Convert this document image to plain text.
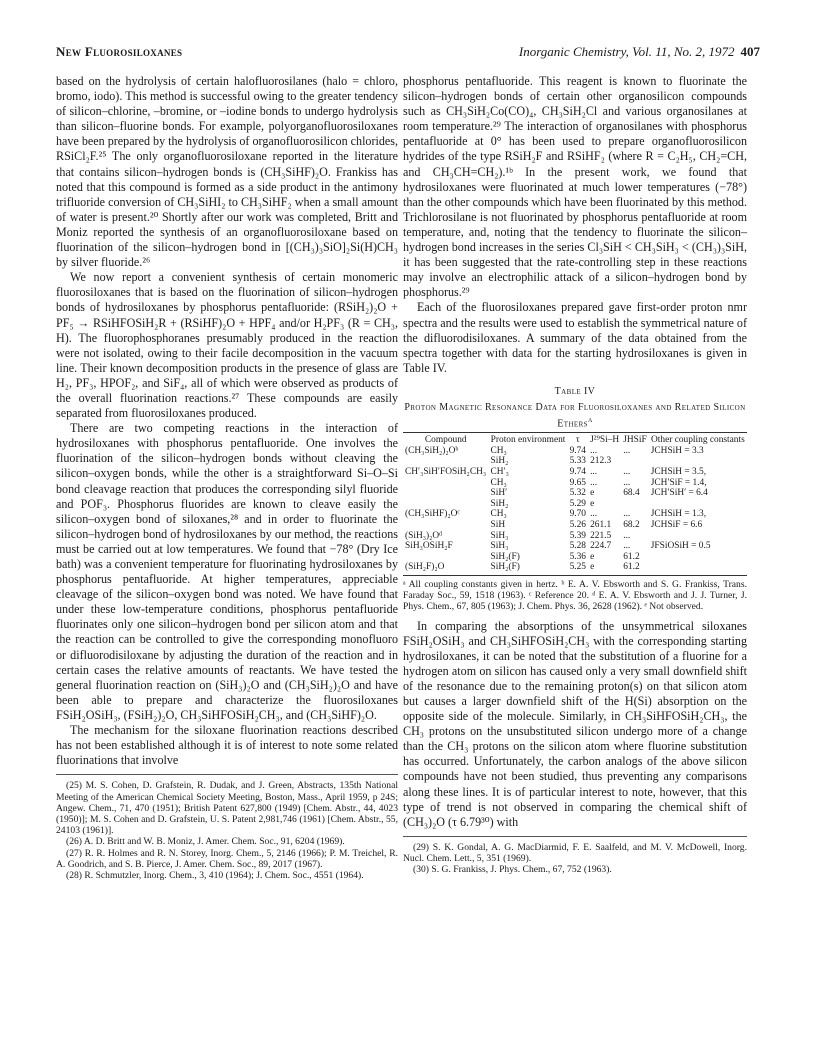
New Fluorosiloxanes	Inorganic Chemistry, Vol. 11, No. 2, 1972 407

based on the hydrolysis of certain halofluorosilanes (halo = chloro, bromo, iodo). This method is successful owing to the greater tendency of silicon–chlorine, –bromine, or –iodine bonds to undergo hydrolysis than silicon–fluorine bonds. For example, polyorganofluorosiloxanes have been prepared by the hydrolysis of organofluorosilicon chlorides, RSiCl₂F.²⁵ The only organofluorosiloxane reported in the literature that contains silicon–hydrogen bonds is (CH₃SiHF)₂O. Frankiss has noted that this compound is formed as a side product in the antimony trifluoride conversion of CH₃SiHI₂ to CH₃SiHF₂ when a small amount of water is present.²⁰ Shortly after our work was completed, Britt and Moniz reported the synthesis of an organofluorosiloxane based on fluorination of the silicon–hydrogen bond in [(CH₃)₃SiO]₂Si(H)CH₃ by silver fluoride.²⁶

We now report a convenient synthesis of certain monomeric fluorosiloxanes that is based on the fluorination of silicon–hydrogen bonds of hydrosiloxanes by phosphorus pentafluoride: (RSiH₂)₂O + PF₅ → RSiHFOSiH₂R + (RSiHF)₂O + HPF₄ and/or H₂PF₃ (R = CH₃, H). The fluorophosphoranes presumably produced in the reaction were not isolated, owing to their facile decomposition in the vacuum line. Their known decomposition products in the presence of glass are H₂, PF₃, HPOF₂, and SiF₄, all of which were observed as products of the overall fluorination reactions.²⁷ These compounds are easily separated from fluorosiloxanes produced.

There are two competing reactions in the interaction of hydrosiloxanes with phosphorus pentafluoride. One involves the fluorination of the silicon–hydrogen bonds without cleaving the silicon–oxygen bonds, while the other is a straightforward Si–O–Si bond cleavage reaction that produces the corresponding silyl fluoride and POF₃. Phosphorus fluorides are known to cleave easily the silicon–oxygen bond of siloxanes,²⁸ and in order to fluorinate the silicon–hydrogen bond of hydrosiloxanes by our method, the reactions must be carried out at low temperatures. We found that −78° (Dry Ice bath) was a convenient temperature for fluorinating hydrosiloxanes by phosphorus pentafluoride. At higher temperatures, appreciable cleavage of the silicon–oxygen bond was noted. We have found that under these low-temperature conditions, phosphorus pentafluoride fluorinates only one silicon–hydrogen bond per silicon atom and that the reaction can be controlled to give the corresponding monofluoro or difluorodisiloxane by adjusting the duration of the reaction and in certain cases the relative amounts of reactants. We have tested the general fluorination reaction on (SiH₃)₂O and (CH₃SiH₂)₂O and have been able to prepare and characterize the fluorosiloxanes FSiH₂OSiH₃, (FSiH₂)₂O, CH₃SiHFOSiH₂CH₃, and (CH₃SiHF)₂O.

The mechanism for the siloxane fluorination reactions described has not been established although it is of interest to note some related fluorinations that involve

(25) M. S. Cohen, D. Grafstein, R. Dudak, and J. Green, Abstracts, 135th National Meeting of the American Chemical Society Meeting, Boston, Mass., April 1959, p 24S; Angew. Chem., 71, 470 (1951); British Patent 627,800 (1949) [Chem. Abstr., 44, 4023 (1950)]; M. S. Cohen and D. Grafstein, U. S. Patent 2,981,746 (1961) [Chem. Abstr., 55, 24103 (1961)].

(26) A. D. Britt and W. B. Moniz, J. Amer. Chem. Soc., 91, 6204 (1969).

(27) R. R. Holmes and R. N. Storey, Inorg. Chem., 5, 2146 (1966); P. M. Treichel, R. A. Goodrich, and S. B. Pierce, J. Amer. Chem. Soc., 89, 2017 (1967).

(28) R. Schmutzler, Inorg. Chem., 3, 410 (1964); J. Chem. Soc., 4551 (1964).

phosphorus pentafluoride. This reagent is known to fluorinate the silicon–hydrogen bonds of certain other organosilicon compounds such as CH₃SiH₂Co(CO)₄, CH₃SiH₂Cl and various organosilanes at room temperature.²⁹ The interaction of organosilanes with phosphorus pentafluoride at 0° has been used to prepare organofluorosilicon hydrides of the type RSiH₂F and RSiHF₂ (where R = C₂H₅, CH₂=CH, and CH₃CH=CH₂).¹ᵇ In the present work, we found that hydrosiloxanes were fluorinated at much lower temperatures (−78°) than the other compounds which have been fluorinated by this method. Trichlorosilane is not fluorinated by phosphorus pentafluoride at room temperature, and, noting that the tendency to fluorinate the silicon–hydrogen bond increases in the series Cl₃SiH < CH₃SiH₃ < (CH₃)₃SiH, it has been suggested that the rate-controlling step in these reactions may involve an electrophilic attack of a silicon–hydrogen bond by phosphorus.²⁹

Each of the fluorosiloxanes prepared gave first-order proton nmr spectra and the results were used to establish the symmetrical nature of the difluorodisiloxanes. A summary of the data obtained from the spectra together with data for the starting hydrosiloxanes is given in Table IV.

Table IV
Proton Magnetic Resonance Data for Fluorosiloxanes and Related Silicon Ethers$^a$
Compound	Proton environment	τ	J²⁹Si–H	JHSiF	Other coupling constants
(CH₃SiH₂)₂Oᵇ	CH₃	9.74	...	...	JCHSiH = 3.3
	SiH₂	5.33	212.3		
CH′₃SiH′FOSiH₂CH₃	CH′₃	9.74	...	...	JCHSiH = 3.5,
	CH₃	9.65	...	...	JCH′SiF = 1.4,
	SiH′	5.32	e	68.4	JCH′SiH′ = 6.4
	SiH₂	5.29	e		
(CH₃SiHF)₂Oᶜ	CH₃	9.70	...	...	JCHSiH = 1.3,
	SiH	5.26	261.1	68.2	JCHSiF = 6.6
(SiH₃)₂Oᵈ	SiH₃	5.39	221.5	...	
SiH₃OSiH₂F	SiH₃	5.28	224.7	...	JFSiOSiH = 0.5
	SiH₂(F)	5.36	e	61.2	
(SiH₂F)₂O	SiH₂(F)	5.25	e	61.2	
ᵃ All coupling constants given in hertz. ᵇ E. A. V. Ebsworth and S. G. Frankiss, Trans. Faraday Soc., 59, 1518 (1963). ᶜ Reference 20. ᵈ E. A. V. Ebsworth and J. J. Turner, J. Phys. Chem., 67, 805 (1963); J. Chem. Phys. 36, 2628 (1962). ᵉ Not observed.

In comparing the absorptions of the unsymmetrical siloxanes FSiH₂OSiH₃ and CH₃SiHFOSiH₂CH₃ with the corresponding starting hydrosiloxanes, it can be noted that the substitution of a fluorine for a hydrogen atom on silicon has caused only a very small downfield shift of the resonance due to the remaining proton(s) on that silicon atom but causes a larger downfield shift of the H(Si) absorption on the opposite side of the molecule. Similarly, in CH₃SiHFOSiH₂CH₃, the CH₃ protons on the unsubstituted silicon undergo more of a change than the CH₃ protons on the silicon atom where fluorine substitution has occurred. Unfortunately, the carbon analogs of the above silicon compounds have not been studied, thus preventing any comparisons along these lines. It is of particular interest to note, however, that this type of trend is not observed in comparing the chemical shift of (CH₃)₂O (τ 6.79³⁰) with

(29) S. K. Gondal, A. G. MacDiarmid, F. E. Saalfeld, and M. V. McDowell, Inorg. Nucl. Chem. Lett., 5, 351 (1969).

(30) S. G. Frankiss, J. Phys. Chem., 67, 752 (1963).
